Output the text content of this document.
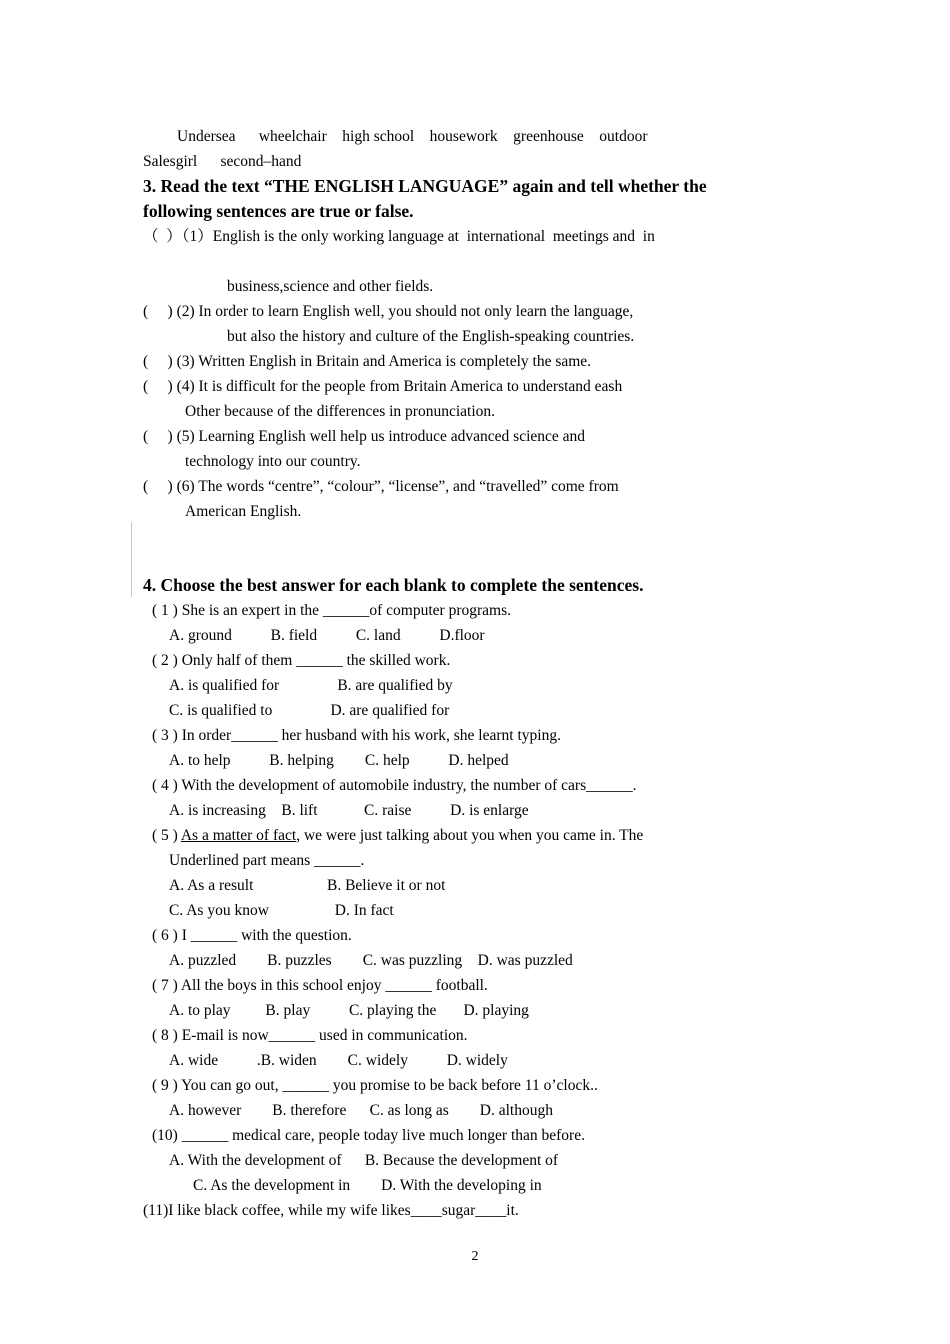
Undersea      wheelchair    high school    housework    greenhouse    outdoor
Salesgirl      second–hand
3. Read the text “THE ENGLISH LANGUAGE” again and tell whether the
following sentences are true or false.
（  ）（1）English is the only working language at  international  meetings and  in
business,science and other fields.
(     ) (2) In order to learn English well, you should not only learn the language,
but also the history and culture of the English-speaking countries.
(     ) (3) Written English in Britain and America is completely the same.
(     ) (4) It is difficult for the people from Britain America to understand eash
Other because of the differences in pronunciation.
(     ) (5) Learning English well help us introduce advanced science and
technology into our country.
(     ) (6) The words “centre”, “colour”, “license”, and “travelled” come from
American English.
4. Choose the best answer for each blank to complete the sentences.
( 1 ) She is an expert in the ______of computer programs.
A. ground          B. field          C. land          D.floor
( 2 ) Only half of them ______ the skilled work.
A. is qualified for               B. are qualified by
C. is qualified to               D. are qualified for
( 3 ) In order______ her husband with his work, she learnt typing.
A. to help          B. helping        C. help          D. helped
( 4 ) With the development of automobile industry, the number of cars______.
A. is increasing    B. lift            C. raise          D. is enlarge
( 5 ) As a matter of fact, we were just talking about you when you came in. The
Underlined part means ______.
A. As a result                   B. Believe it or not
C. As you know                 D. In fact
( 6 ) I ______ with the question.
A. puzzled        B. puzzles        C. was puzzling    D. was puzzled
( 7 ) All the boys in this school enjoy ______ football.
A. to play         B. play          C. playing the       D. playing
( 8 ) E-mail is now______ used in communication.
A. wide          .B. widen        C. widely          D. widely
( 9 ) You can go out, ______ you promise to be back before 11 o’clock..
A. however        B. therefore      C. as long as        D. although
(10) ______ medical care, people today live much longer than before.
A. With the development of      B. Because the development of
C. As the development in        D. With the developing in
(11)I like black coffee, while my wife likes____sugar____it.
2
